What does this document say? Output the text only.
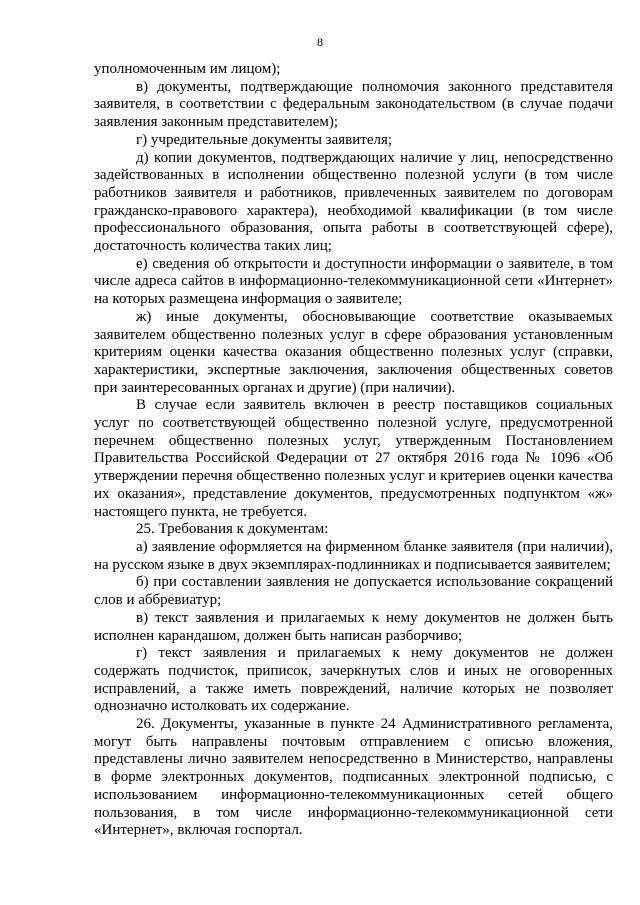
8

уполномоченным им лицом);

в) документы, подтверждающие полномочия законного представителя заявителя, в соответствии с федеральным законодательством (в случае подачи заявления законным представителем);

г) учредительные документы заявителя;

д) копии документов, подтверждающих наличие у лиц, непосредственно задействованных в исполнении общественно полезной услуги (в том числе работников заявителя и работников, привлеченных заявителем по договорам гражданско-правового характера), необходимой квалификации (в том числе профессионального образования, опыта работы в соответствующей сфере), достаточность количества таких лиц;

е) сведения об открытости и доступности информации о заявителе, в том числе адреса сайтов в информационно-телекоммуникационной сети «Интернет» на которых размещена информация о заявителе;

ж) иные документы, обосновывающие соответствие оказываемых заявителем общественно полезных услуг в сфере образования установленным критериям оценки качества оказания общественно полезных услуг (справки, характеристики, экспертные заключения, заключения общественных советов при заинтересованных органах и другие) (при наличии).

В случае если заявитель включен в реестр поставщиков социальных услуг по соответствующей общественно полезной услуге, предусмотренной перечнем общественно полезных услуг, утвержденным Постановлением Правительства Российской Федерации от 27 октября 2016 года № 1096 «Об утверждении перечня общественно полезных услуг и критериев оценки качества их оказания», представление документов, предусмотренных подпунктом «ж» настоящего пункта, не требуется.

25. Требования к документам:

а) заявление оформляется на фирменном бланке заявителя (при наличии), на русском языке в двух экземплярах-подлинниках и подписывается заявителем;

б) при составлении заявления не допускается использование сокращений слов и аббревиатур;

в) текст заявления и прилагаемых к нему документов не должен быть исполнен карандашом, должен быть написан разборчиво;

г) текст заявления и прилагаемых к нему документов не должен содержать подчисток, приписок, зачеркнутых слов и иных не оговоренных исправлений, а также иметь повреждений, наличие которых не позволяет однозначно истолковать их содержание.

26. Документы, указанные в пункте 24 Административного регламента, могут быть направлены почтовым отправлением с описью вложения, представлены лично заявителем непосредственно в Министерство, направлены в форме электронных документов, подписанных электронной подписью, с использованием информационно-телекоммуникационных сетей общего пользования, в том числе информационно-телекоммуникационной сети «Интернет», включая госпортал.
